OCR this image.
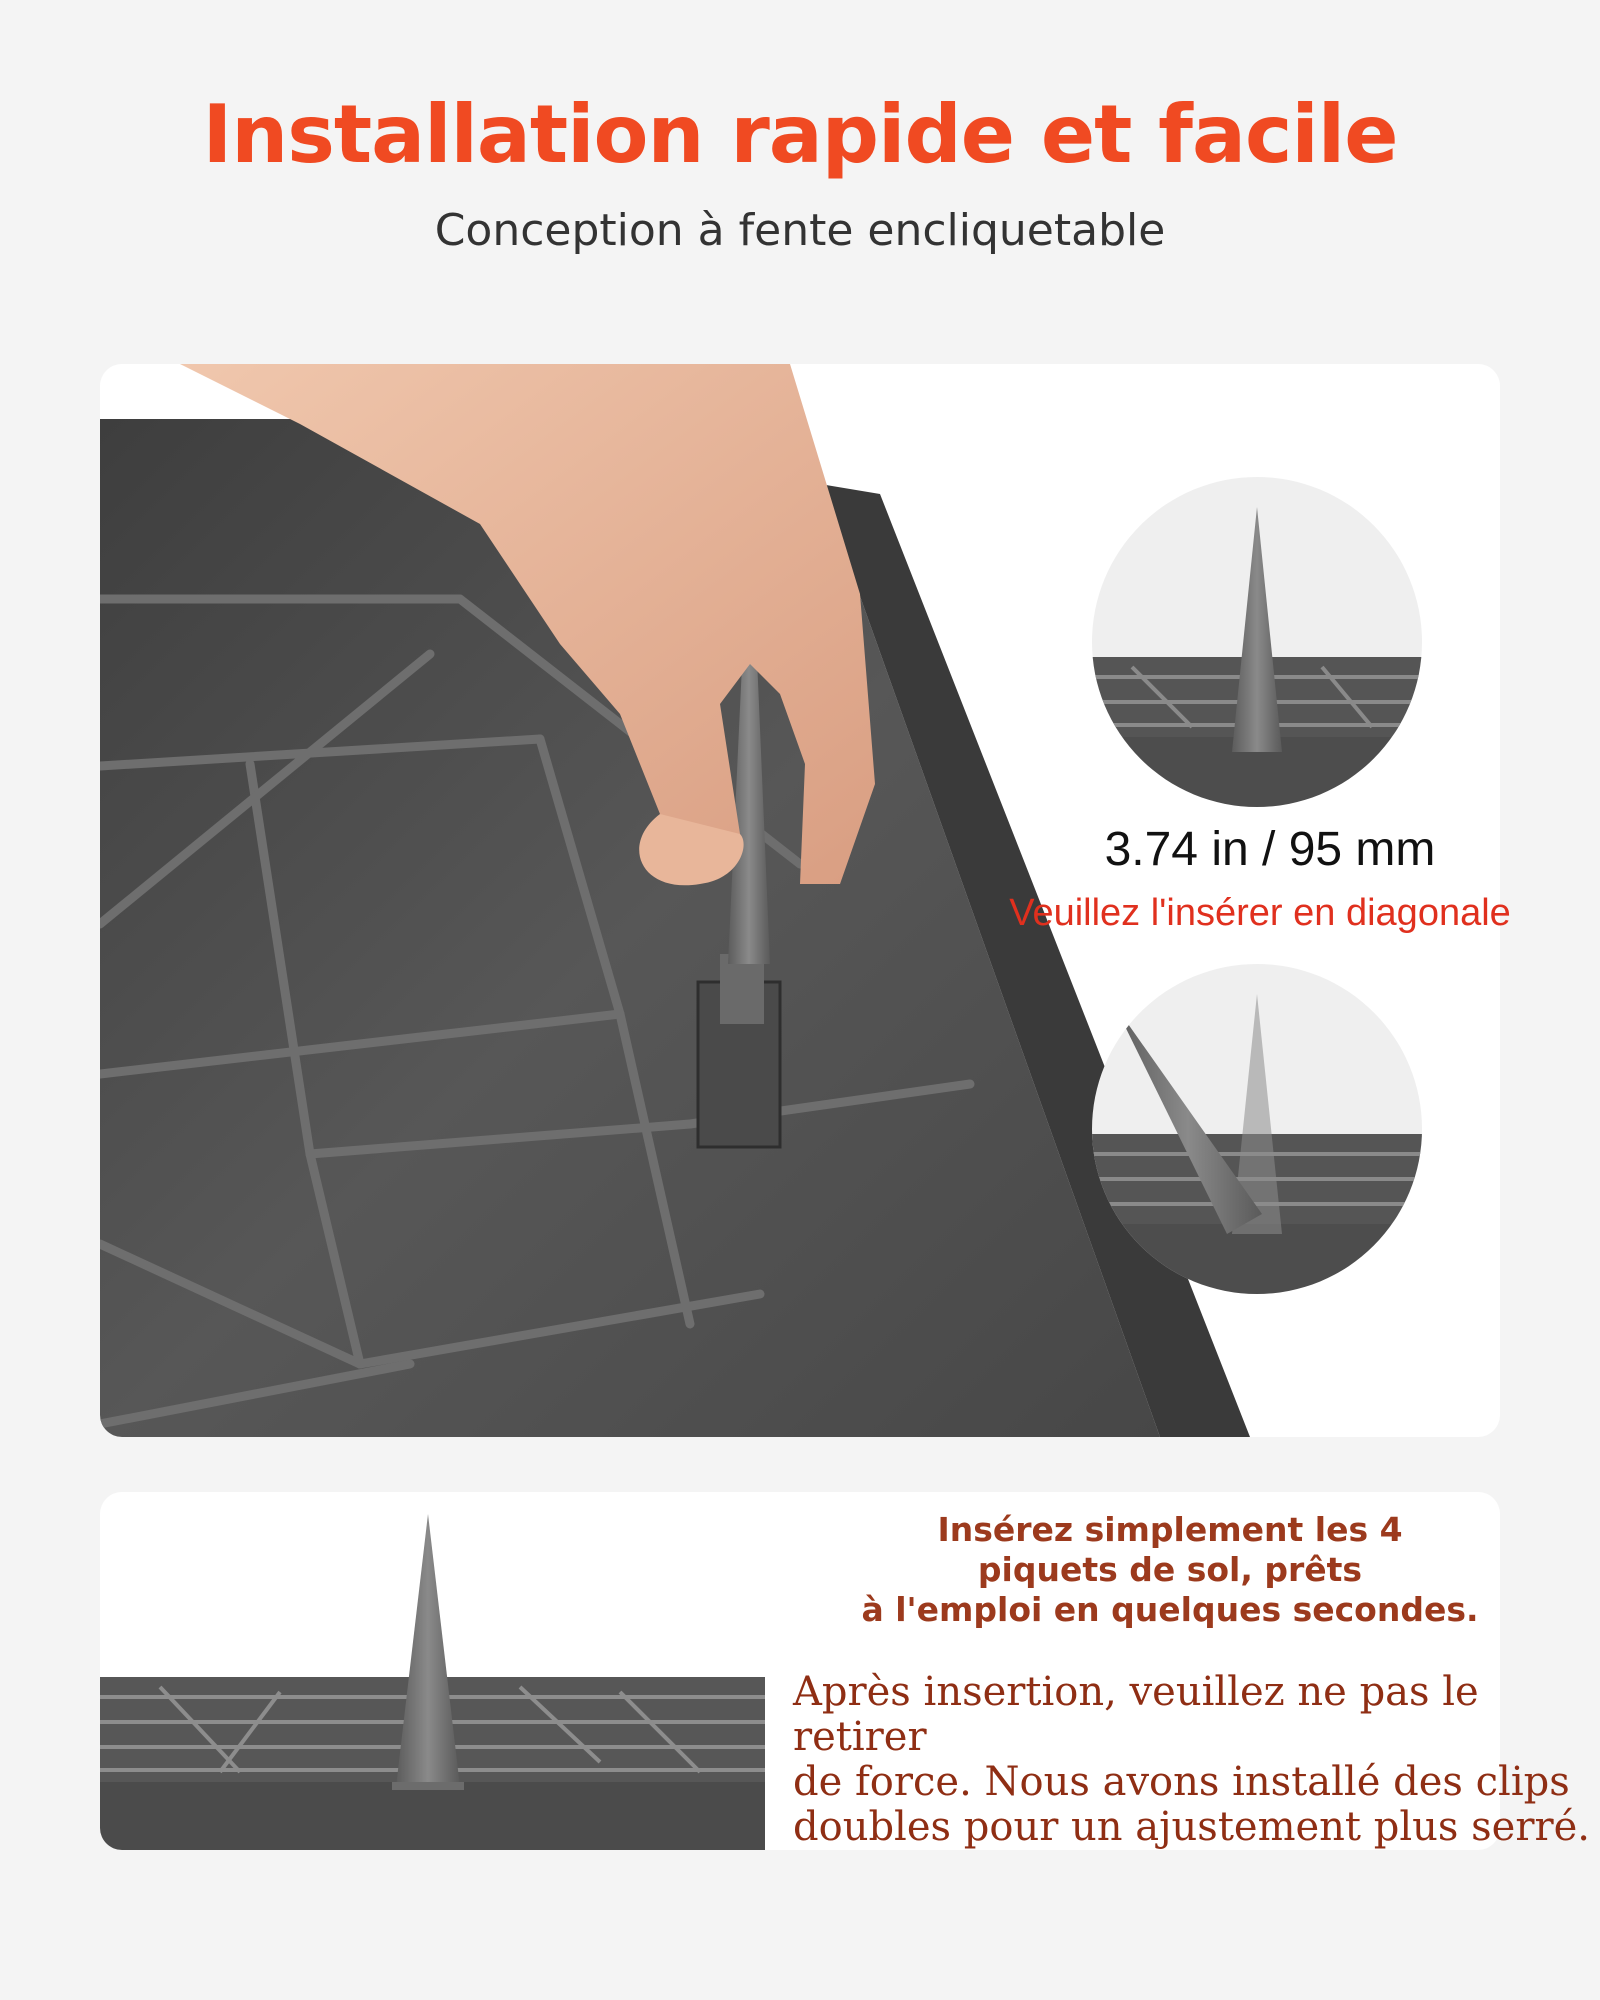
Installation rapide et facile
Conception à fente encliquetable
3.74 in / 95 mm
Veuillez l'insérer en diagonale
Insérez simplement les 4
piquets de sol, prêts
à l'emploi en quelques secondes.
Après insertion, veuillez ne pas le retirer
de force. Nous avons installé des clips
doubles pour un ajustement plus serré.
